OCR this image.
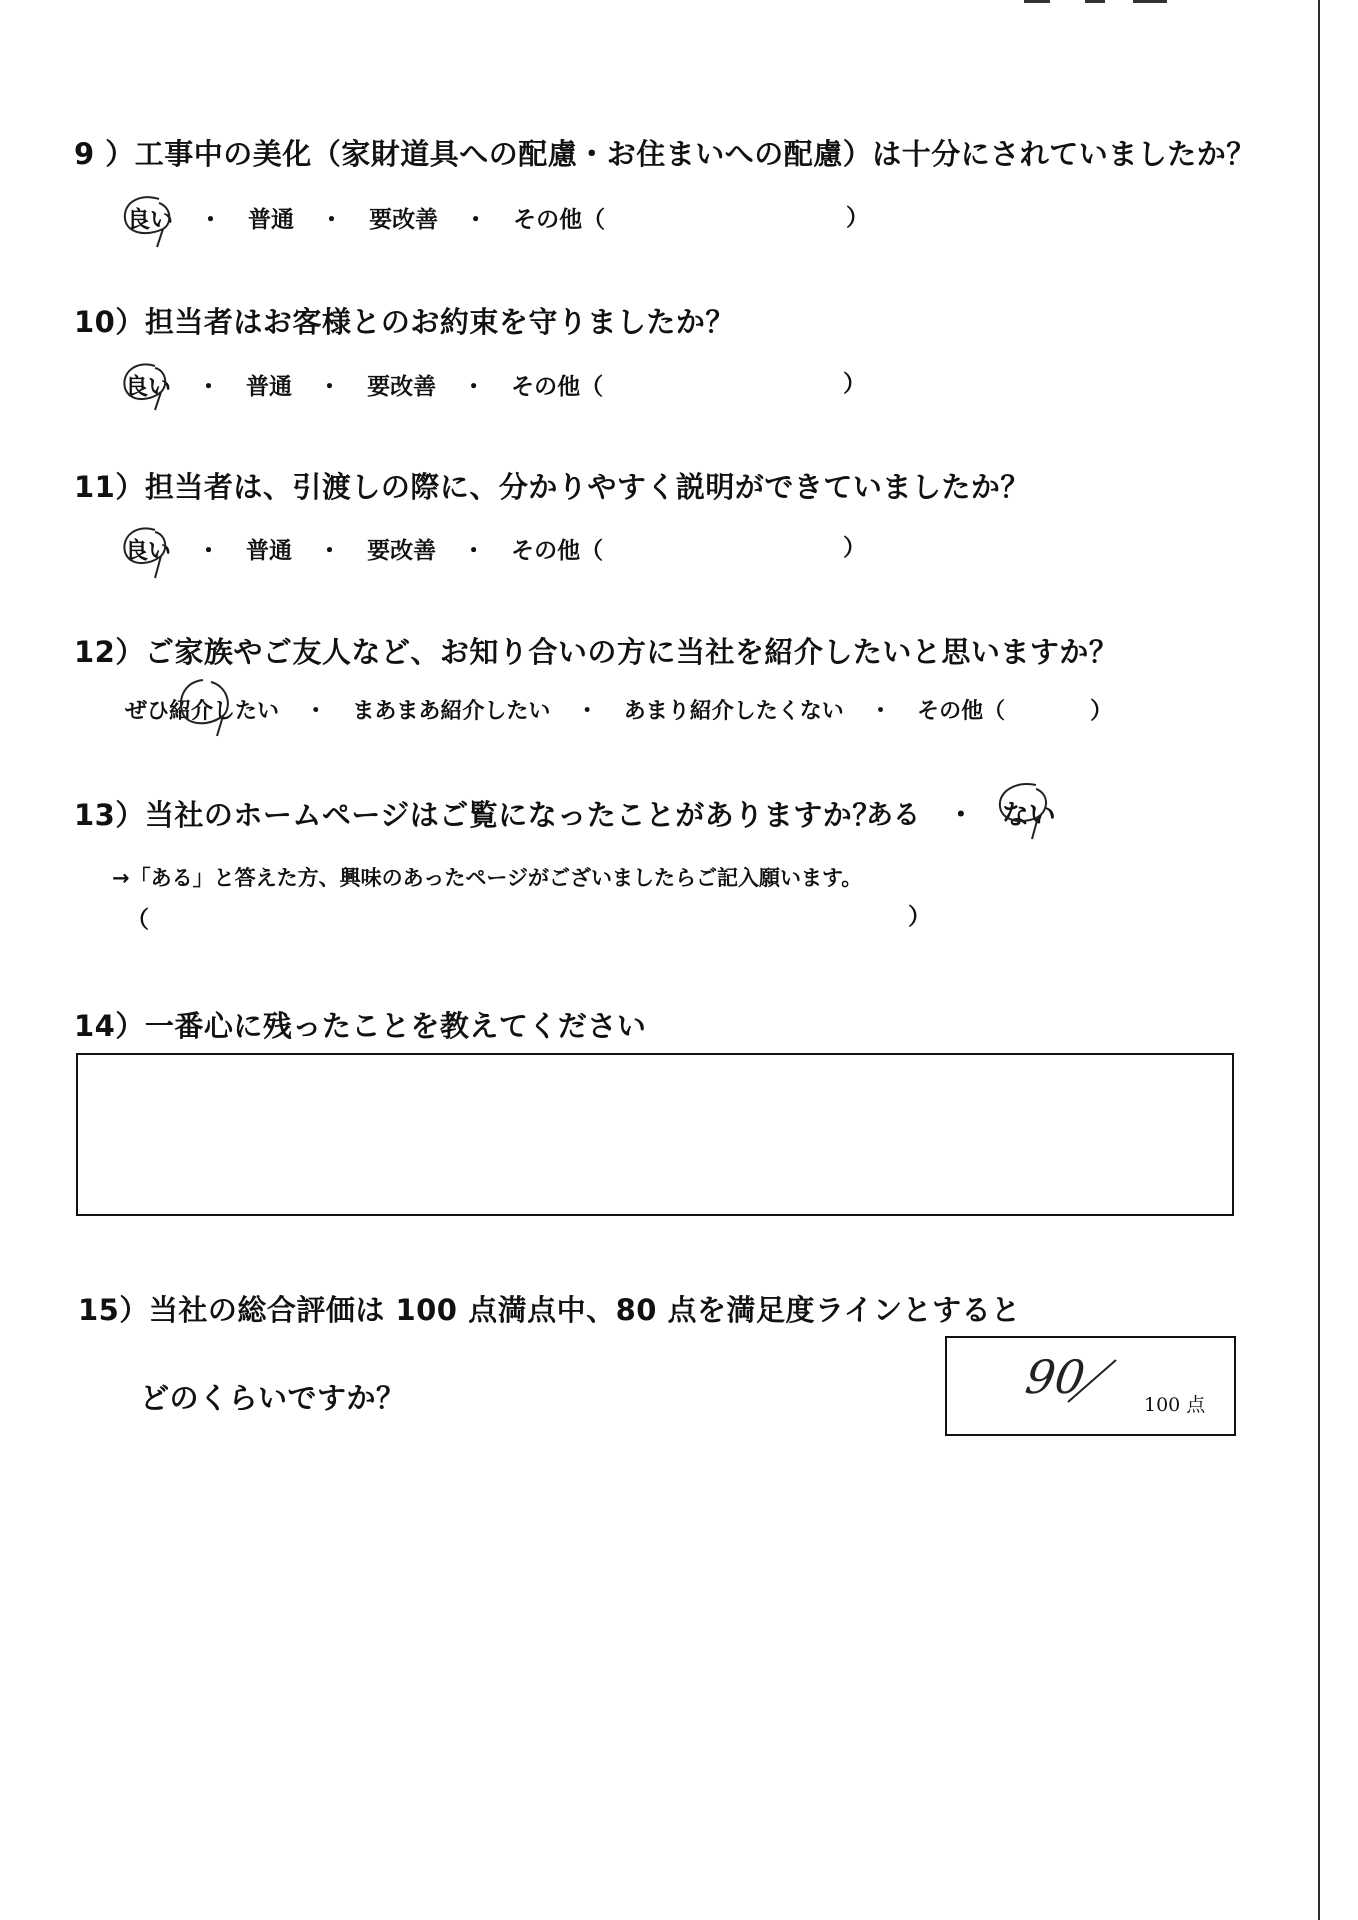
9 ）工事中の美化（家財道具への配慮・お住まいへの配慮）は十分にされていましたか？
良い ・ 普通 ・ 要改善 ・ その他（	）
10）担当者はお客様とのお約束を守りましたか？
良い ・ 普通 ・ 要改善 ・ その他（	）
11）担当者は、引渡しの際に、分かりやすく説明ができていましたか？
良い ・ 普通 ・ 要改善 ・ その他（	）
12）ご家族やご友人など、お知り合いの方に当社を紹介したいと思いますか？
ぜひ紹介したい ・ まあまあ紹介したい ・ あまり紹介したくない ・ その他（	）
13）当社のホームページはご覧になったことがありますか？
ある ・ ない
→「ある」と答えた方、興味のあったページがございましたらご記入願います。
（	）
14）一番心に残ったことを教えてください
15）当社の総合評価は 100 点満点中、80 点を満足度ラインとすると
どのくらいですか？	90
100 点
